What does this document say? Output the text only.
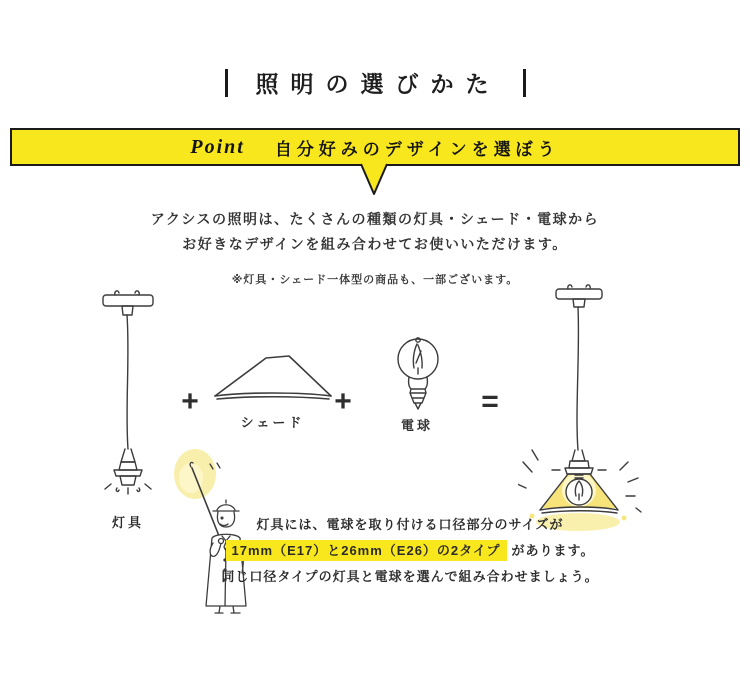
照明の選びかた
Point 自分好みのデザインを選ぼう
アクシスの照明は、たくさんの種類の灯具・シェード・電球から
お好きなデザインを組み合わせてお使いいただけます。
※灯具・シェード一体型の商品も、一部ございます。
灯具
+
シェード
+
電球
=
灯具には、電球を取り付ける口径部分のサイズが
17mm（E17）と26mm（E26）の2タイプ があります。
同じ口径タイプの灯具と電球を選んで組み合わせましょう。
